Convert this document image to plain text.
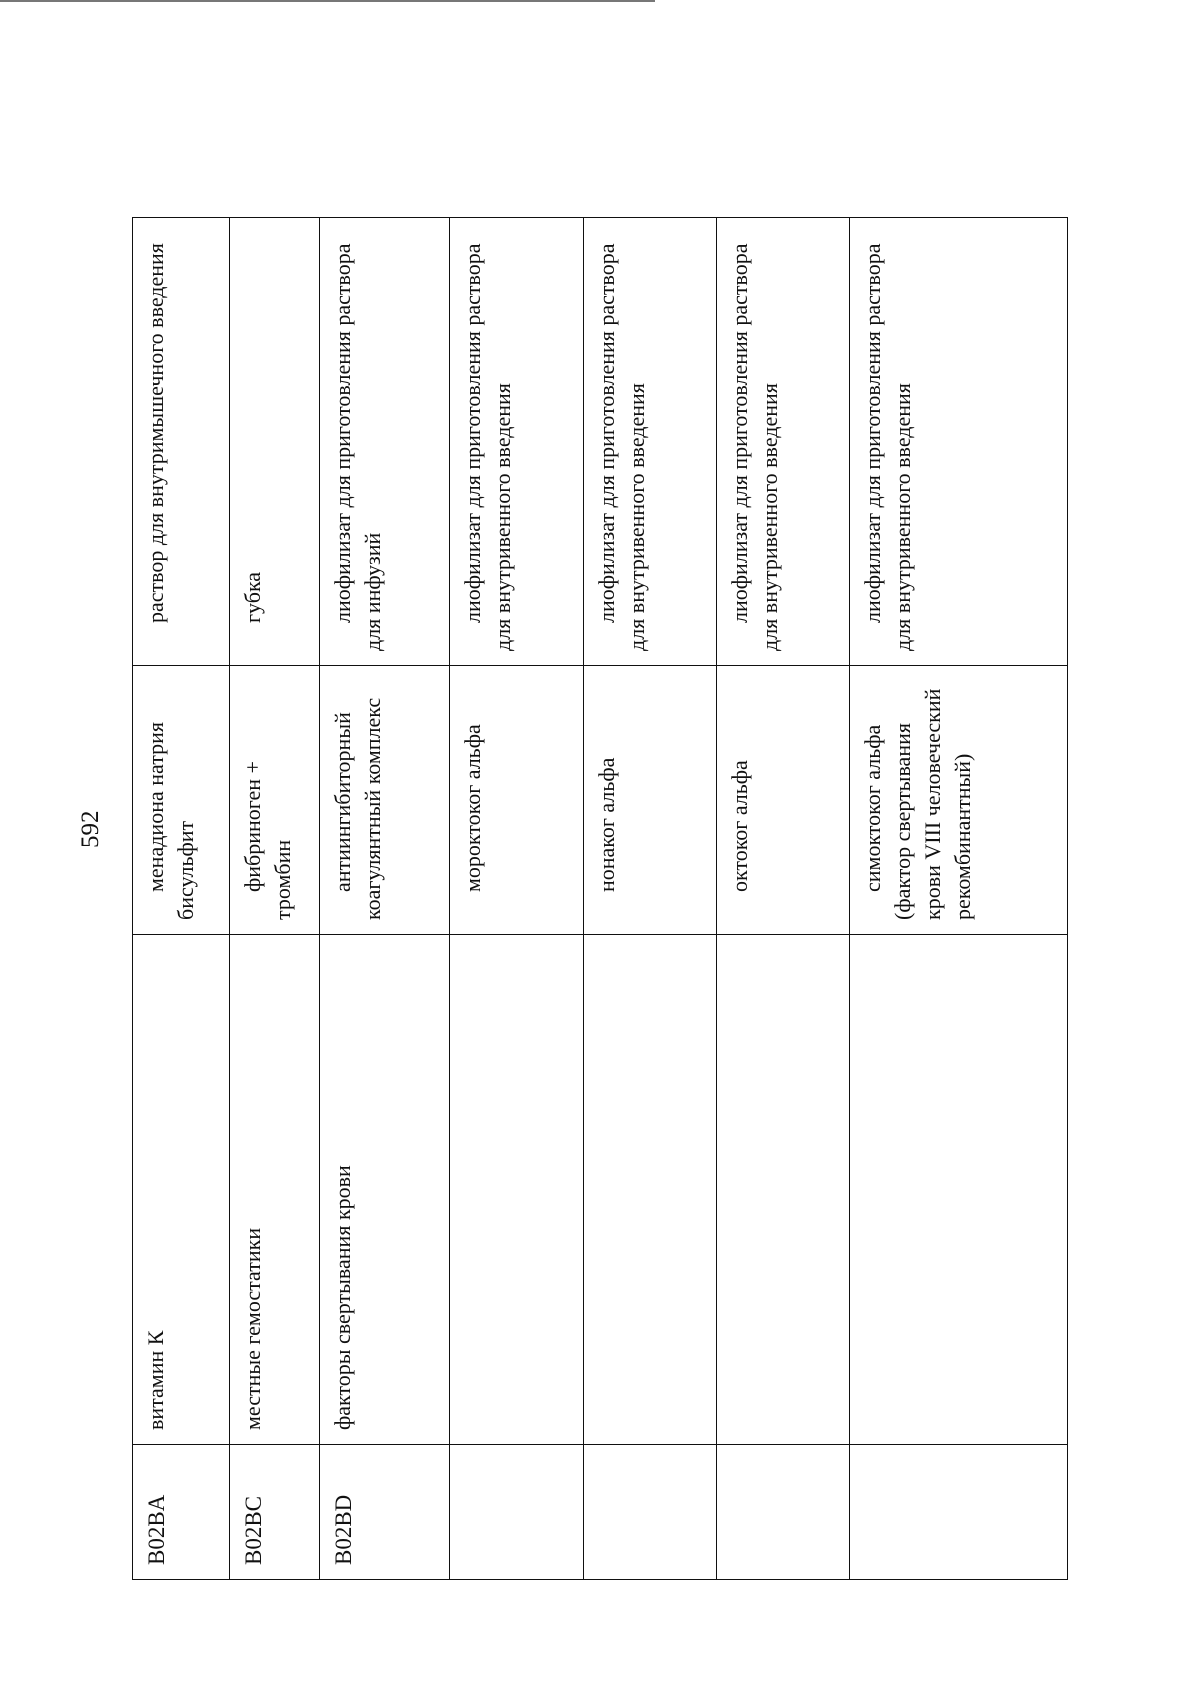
592
B02BA	витамин К	менадиона натрия бисульфит	раствор для внутримышечного введения
B02BC	местные гемостатики	фибриноген + тромбин	губка
B02BD	факторы свертывания крови	антиингибиторный коагулянтный комплекс	лиофилизат для приготовления раствора для инфузий
		мороктоког альфа	лиофилизат для приготовления раствора для внутривенного введения
		нонаког альфа	лиофилизат для приготовления раствора для внутривенного введения
		октоког альфа	лиофилизат для приготовления раствора для внутривенного введения
		симоктоког альфа (фактор свертывания крови VIII человеческий рекомбинантный)	лиофилизат для приготовления раствора для внутривенного введения
